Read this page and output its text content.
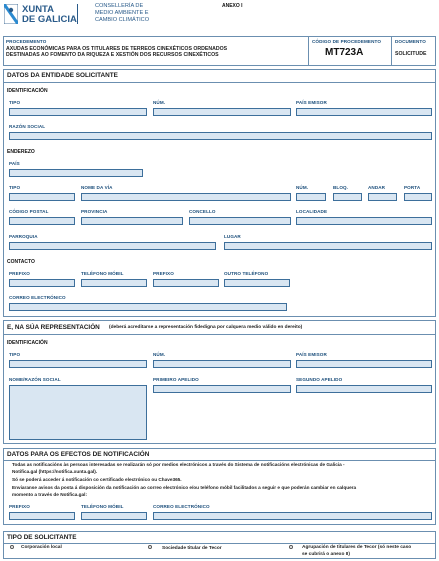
XUNTA
DE GALICIA
CONSELLERÍA DE
MEDIO AMBIENTE E
CAMBIO CLIMÁTICO
ANEXO I
PROCEDEMENTO
AXUDAS ECONÓMICAS PARA OS TITULARES DE TERREOS CINEXÉTICOS ORDENADOS
DESTINADAS AO FOMENTO DA RIQUEZA E XESTIÓN DOS RECURSOS CINEXÉTICOS
CÓDIGO DE PROCEDEMENTO
MT723A
DOCUMENTO
SOLICITUDE
DATOS DA ENTIDADE SOLICITANTE
IDENTIFICACIÓN
TIPO	NÚM.	PAÍS EMISOR
RAZÓN SOCIAL
ENDEREZO
PAÍS
TIPO	NOME DA VÍA	NÚM.	BLOQ.	ANDAR	PORTA
CÓDIGO POSTAL	PROVINCIA	CONCELLO	LOCALIDADE
PARROQUIA	LUGAR
CONTACTO
PREFIXO	TELÉFONO MÓBIL	PREFIXO	OUTRO TELÉFONO
CORREO ELECTRÓNICO
E, NA SÚA REPRESENTACIÓN (deberá acreditarse a representación fidedigna por calquera medio válido en dereito)
IDENTIFICACIÓN
TIPO	NÚM.	PAÍS EMISOR
NOME/RAZÓN SOCIAL	PRIMEIRO APELIDO	SEGUNDO APELIDO
DATOS PARA OS EFECTOS DE NOTIFICACIÓN
Todas as notificacións às persoas interesadas se realizarán só por medios electrónicos a través do Sistema de notificacións electrónicas de Galicia -
Notifica.gal (https://notifica.xunta.gal).
Só se poderá acceder á notificación co certificado electrónico ou Chave365.
Enviaranse avisos da posta á disposición da notificación ao correo electrónico e/ou teléfono móbil facilitados a seguir e que poderán cambiar en calquera
momento a través de Notifica.gal:
PREFIXO	TELÉFONO MÓBIL	CORREO ELECTRÓNICO
TIPO DE SOLICITANTE
Corporación local	Sociedade titular de Tecor	Agrupación de titulares de Tecor (só neste caso
se cubrirá o anexo II)
